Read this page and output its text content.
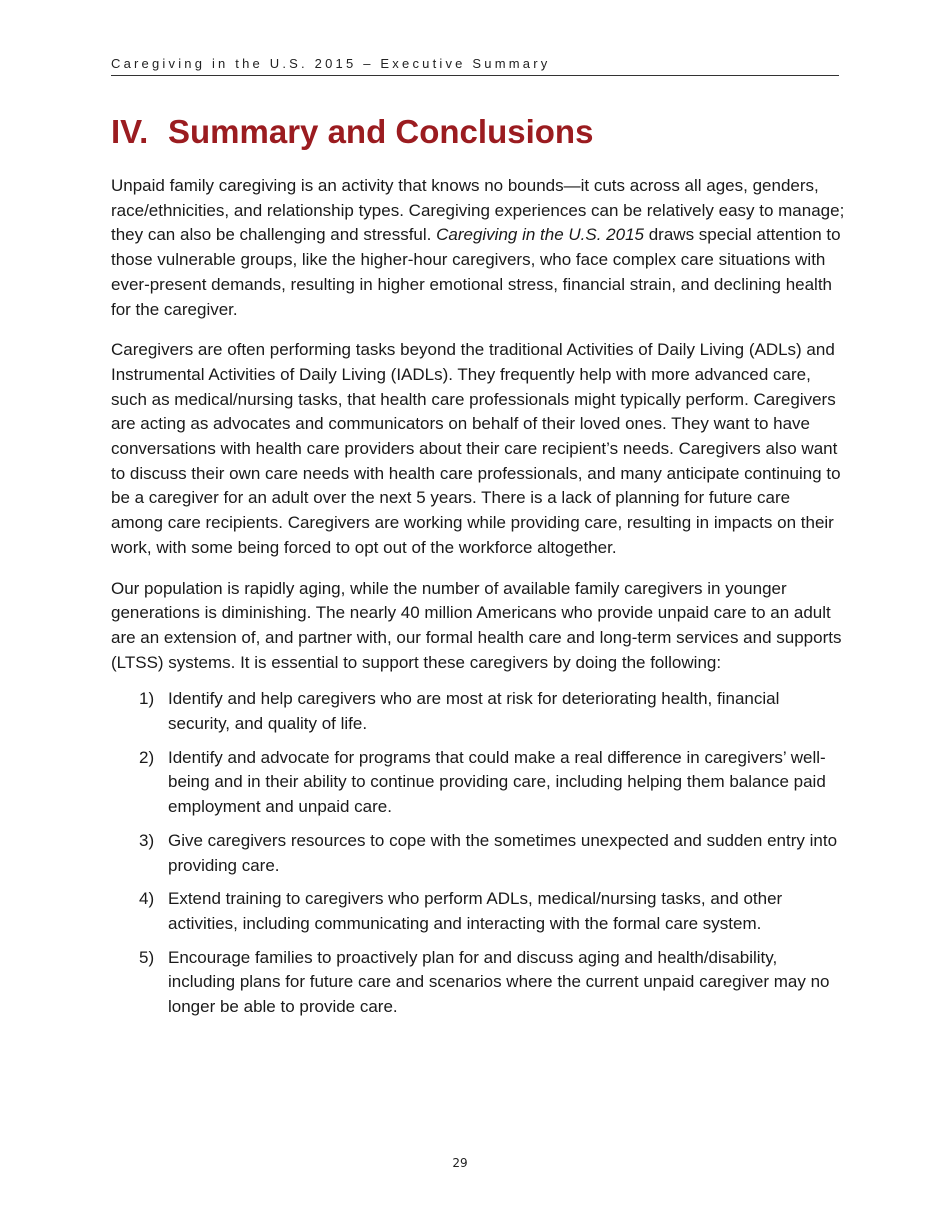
Caregiving in the U.S. 2015 – Executive Summary
IV. Summary and Conclusions

Unpaid family caregiving is an activity that knows no bounds—it cuts across all ages, genders, race/ethnicities, and relationship types. Caregiving experiences can be relatively easy to manage; they can also be challenging and stressful. Caregiving in the U.S. 2015 draws special attention to those vulnerable groups, like the higher-hour caregivers, who face complex care situations with ever-present demands, resulting in higher emotional stress, financial strain, and declining health for the caregiver.

Caregivers are often performing tasks beyond the traditional Activities of Daily Living (ADLs) and Instrumental Activities of Daily Living (IADLs). They frequently help with more advanced care, such as medical/nursing tasks, that health care professionals might typically perform. Caregivers are acting as advocates and communicators on behalf of their loved ones. They want to have conversations with health care providers about their care recipient’s needs. Caregivers also want to discuss their own care needs with health care professionals, and many anticipate continuing to be a caregiver for an adult over the next 5 years. There is a lack of planning for future care among care recipients. Caregivers are working while providing care, resulting in impacts on their work, with some being forced to opt out of the workforce altogether.

Our population is rapidly aging, while the number of available family caregivers in younger generations is diminishing. The nearly 40 million Americans who provide unpaid care to an adult are an extension of, and partner with, our formal health care and long-term services and supports (LTSS) systems. It is essential to support these caregivers by doing the following:

1) Identify and help caregivers who are most at risk for deteriorating health, financial security, and quality of life.
2) Identify and advocate for programs that could make a real difference in caregivers’ well-being and in their ability to continue providing care, including helping them balance paid employment and unpaid care.
3) Give caregivers resources to cope with the sometimes unexpected and sudden entry into providing care.
4) Extend training to caregivers who perform ADLs, medical/nursing tasks, and other activities, including communicating and interacting with the formal care system.
5) Encourage families to proactively plan for and discuss aging and health/disability, including plans for future care and scenarios where the current unpaid caregiver may no longer be able to provide care.
29
